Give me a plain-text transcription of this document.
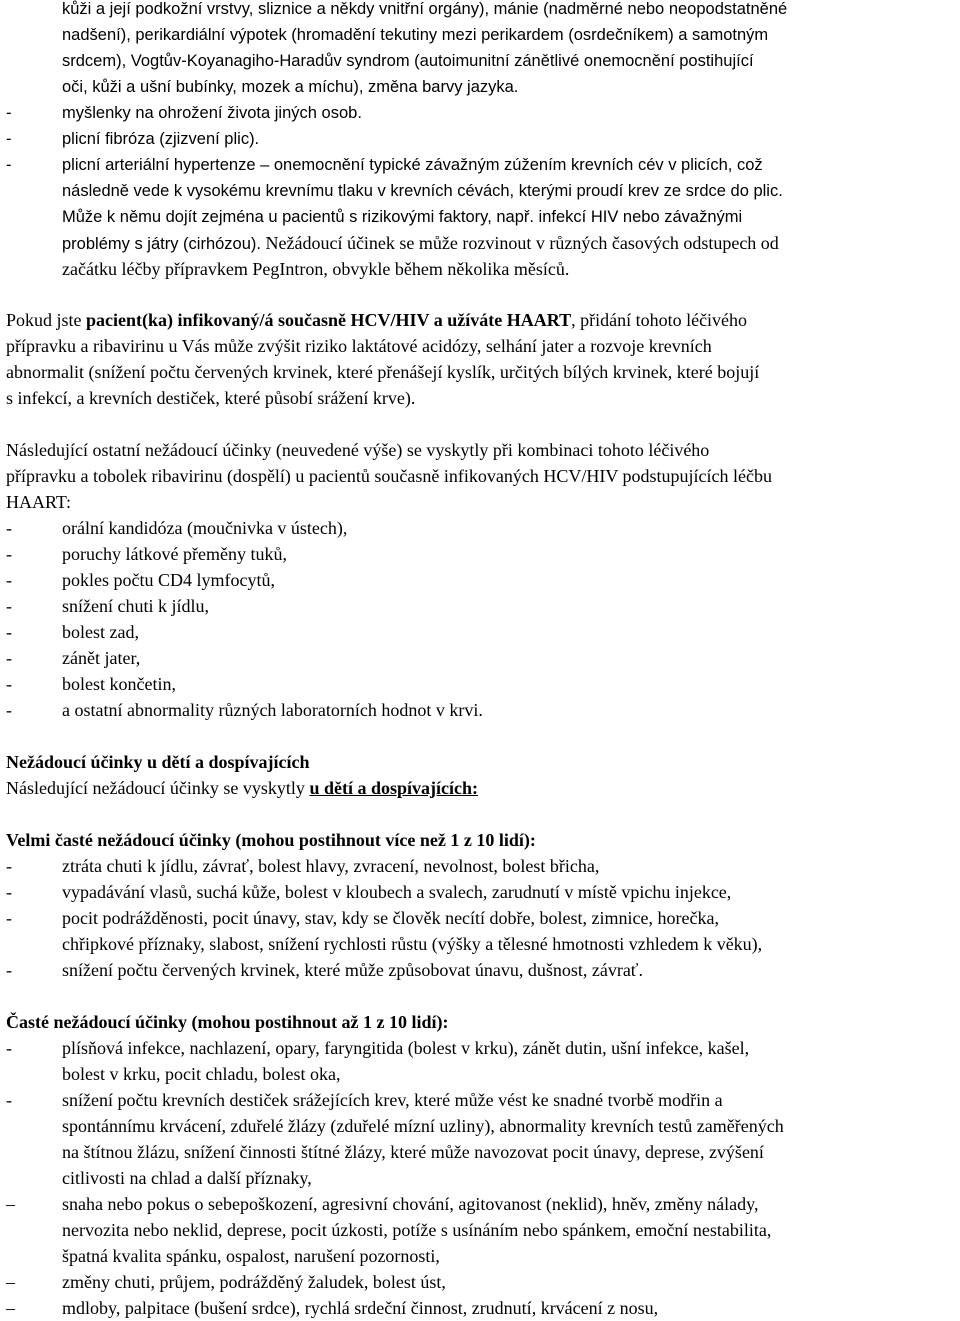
kůži a její podkožní vrstvy, sliznice a někdy vnitřní orgány), mánie (nadměrné nebo neopodstatněné
nadšení), perikardiální výpotek (hromadění tekutiny mezi perikardem (osrdečníkem) a samotným
srdcem), Vogtův-Koyanagiho-Haradův syndrom (autoimunitní zánětlivé onemocnění postihující
oči, kůži a ušní bubínky, mozek a míchu), změna barvy jazyka.
-	myšlenky na ohrožení života jiných osob.
-	plicní fibróza (zjizvení plic).
-	plicní arteriální hypertenze – onemocnění typické závažným zúžením krevních cév v plicích, což
následně vede k vysokému krevnímu tlaku v krevních cévách, kterými proudí krev ze srdce do plic.
Může k němu dojít zejména u pacientů s rizikovými faktory, např. infekcí HIV nebo závažnými
problémy s játry (cirhózou). Nežádoucí účinek se může rozvinout v různých časových odstupech od
začátku léčby přípravkem PegIntron, obvykle během několika měsíců.
Pokud jste pacient(ka) infikovaný/á současně HCV/HIV a užíváte HAART, přidání tohoto léčivého
přípravku a ribavirinu u Vás může zvýšit riziko laktátové acidózy, selhání jater a rozvoje krevních
abnormalit (snížení počtu červených krvinek, které přenášejí kyslík, určitých bílých krvinek, které bojují
s infekcí, a krevních destiček, které působí srážení krve).
Následující ostatní nežádoucí účinky (neuvedené výše) se vyskytly při kombinaci tohoto léčivého
přípravku a tobolek ribavirinu (dospělí) u pacientů současně infikovaných HCV/HIV podstupujících léčbu
HAART:
-	orální kandidóza (moučnivka v ústech),
-	poruchy látkové přeměny tuků,
-	pokles počtu CD4 lymfocytů,
-	snížení chuti k jídlu,
-	bolest zad,
-	zánět jater,
-	bolest končetin,
-	a ostatní abnormality různých laboratorních hodnot v krvi.
Nežádoucí účinky u dětí a dospívajících
Následující nežádoucí účinky se vyskytly u dětí a dospívajících:
Velmi časté nežádoucí účinky (mohou postihnout více než 1 z 10 lidí):
-	ztráta chuti k jídlu, závrať, bolest hlavy, zvracení, nevolnost, bolest břicha,
-	vypadávání vlasů, suchá kůže, bolest v kloubech a svalech, zarudnutí v místě vpichu injekce,
-	pocit podrážděnosti, pocit únavy, stav, kdy se člověk necítí dobře, bolest, zimnice, horečka,
chřipkové příznaky, slabost, snížení rychlosti růstu (výšky a tělesné hmotnosti vzhledem k věku),
-	snížení počtu červených krvinek, které může způsobovat únavu, dušnost, závrať.
Časté nežádoucí účinky (mohou postihnout až 1 z 10 lidí):
-	plísňová infekce, nachlazení, opary, faryngitida (bolest v krku), zánět dutin, ušní infekce, kašel,
bolest v krku, pocit chladu, bolest oka,
-	snížení počtu krevních destiček srážejících krev, které může vést ke snadné tvorbě modřin a
spontánnímu krvácení, zduřelé žlázy (zduřelé mízní uzliny), abnormality krevních testů zaměřených
na štítnou žlázu, snížení činnosti štítné žlázy, které může navozovat pocit únavy, deprese, zvýšení
citlivosti na chlad a další příznaky,
–	snaha nebo pokus o sebepoškození, agresivní chování, agitovanost (neklid), hněv, změny nálady,
nervozita nebo neklid, deprese, pocit úzkosti, potíže s usínáním nebo spánkem, emoční nestabilita,
špatná kvalita spánku, ospalost, narušení pozornosti,
–	změny chuti, průjem, podrážděný žaludek, bolest úst,
–	mdloby, palpitace (bušení srdce), rychlá srdeční činnost, zrudnutí, krvácení z nosu,
